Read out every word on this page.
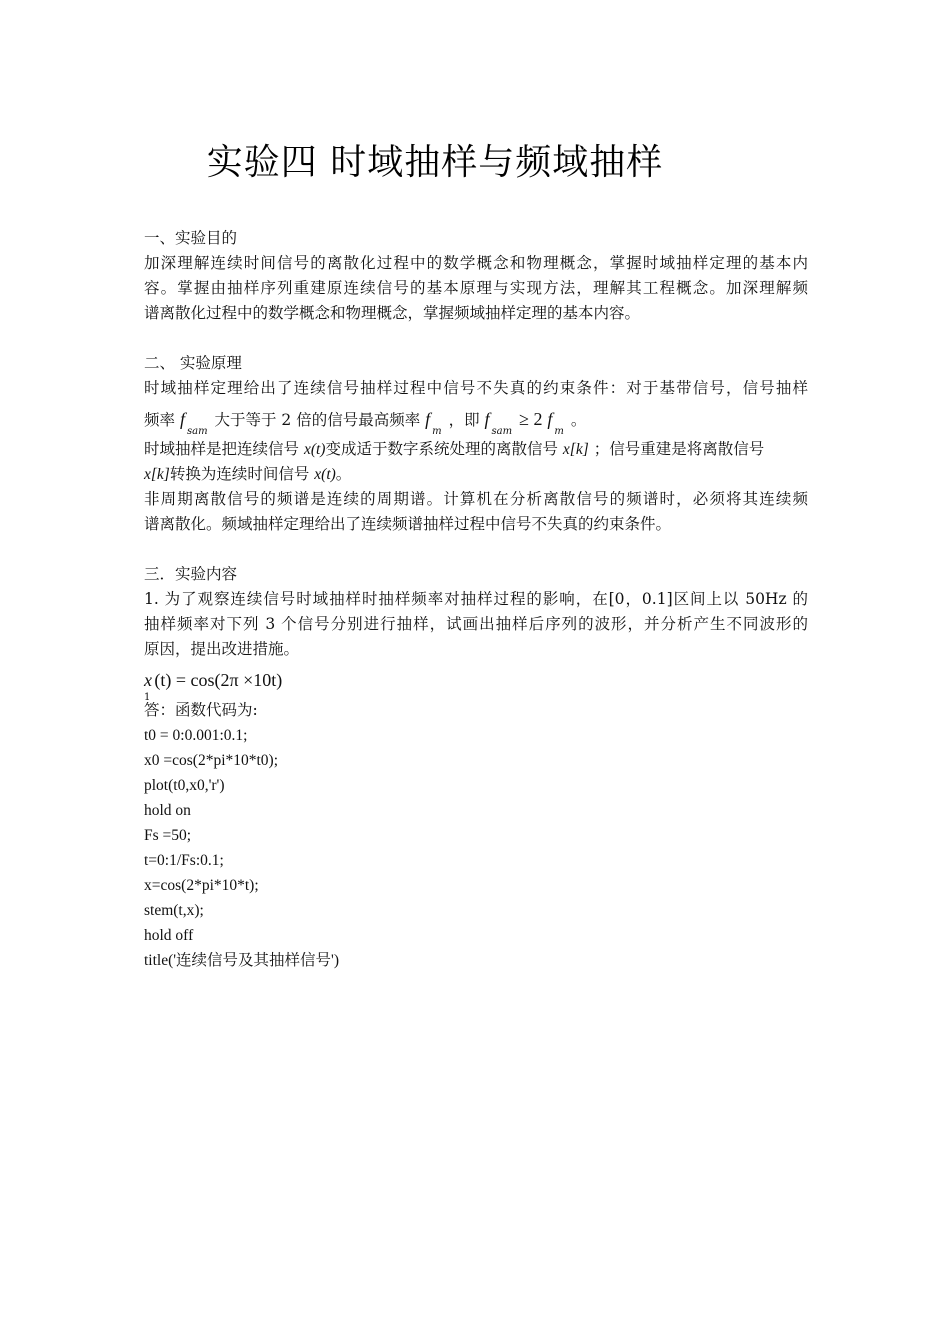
实验四 时域抽样与频域抽样
一、实验目的
加深理解连续时间信号的离散化过程中的数学概念和物理概念，掌握时域抽样定理的基本内
容。掌握由抽样序列重建原连续信号的基本原理与实现方法，理解其工程概念。加深理解频
谱离散化过程中的数学概念和物理概念，掌握频域抽样定理的基本内容。
二、 实验原理
时域抽样定理给出了连续信号抽样过程中信号不失真的约束条件：对于基带信号，信号抽样
频率 $f_{sam}$ 大于等于 2 倍的信号最高频率 $f_m$ ，即 $f_{sam} \ge 2$ $f_m$ 。
时域抽样是把连续信号 x(t)变成适于数字系统处理的离散信号 x[k] ；信号重建是将离散信号
x[k]转换为连续时间信号 x(t)。
非周期离散信号的频谱是连续的周期谱。计算机在分析离散信号的频谱时，必须将其连续频
谱离散化。频域抽样定理给出了连续频谱抽样过程中信号不失真的约束条件。
三．实验内容
1. 为了观察连续信号时域抽样时抽样频率对抽样过程的影响，在[0，0.1]区间上以 50Hz 的
抽样频率对下列 3 个信号分别进行抽样，试画出抽样后序列的波形，并分析产生不同波形的
原因，提出改进措施。
$x_1(t) = \cos(2\pi \times 10t)$
答：函数代码为:
t0 = 0:0.001:0.1;
x0 =cos(2*pi*10*t0);
plot(t0,x0,'r')
hold on
Fs =50;
t=0:1/Fs:0.1;
x=cos(2*pi*10*t);
stem(t,x);
hold off
title('连续信号及其抽样信号')
